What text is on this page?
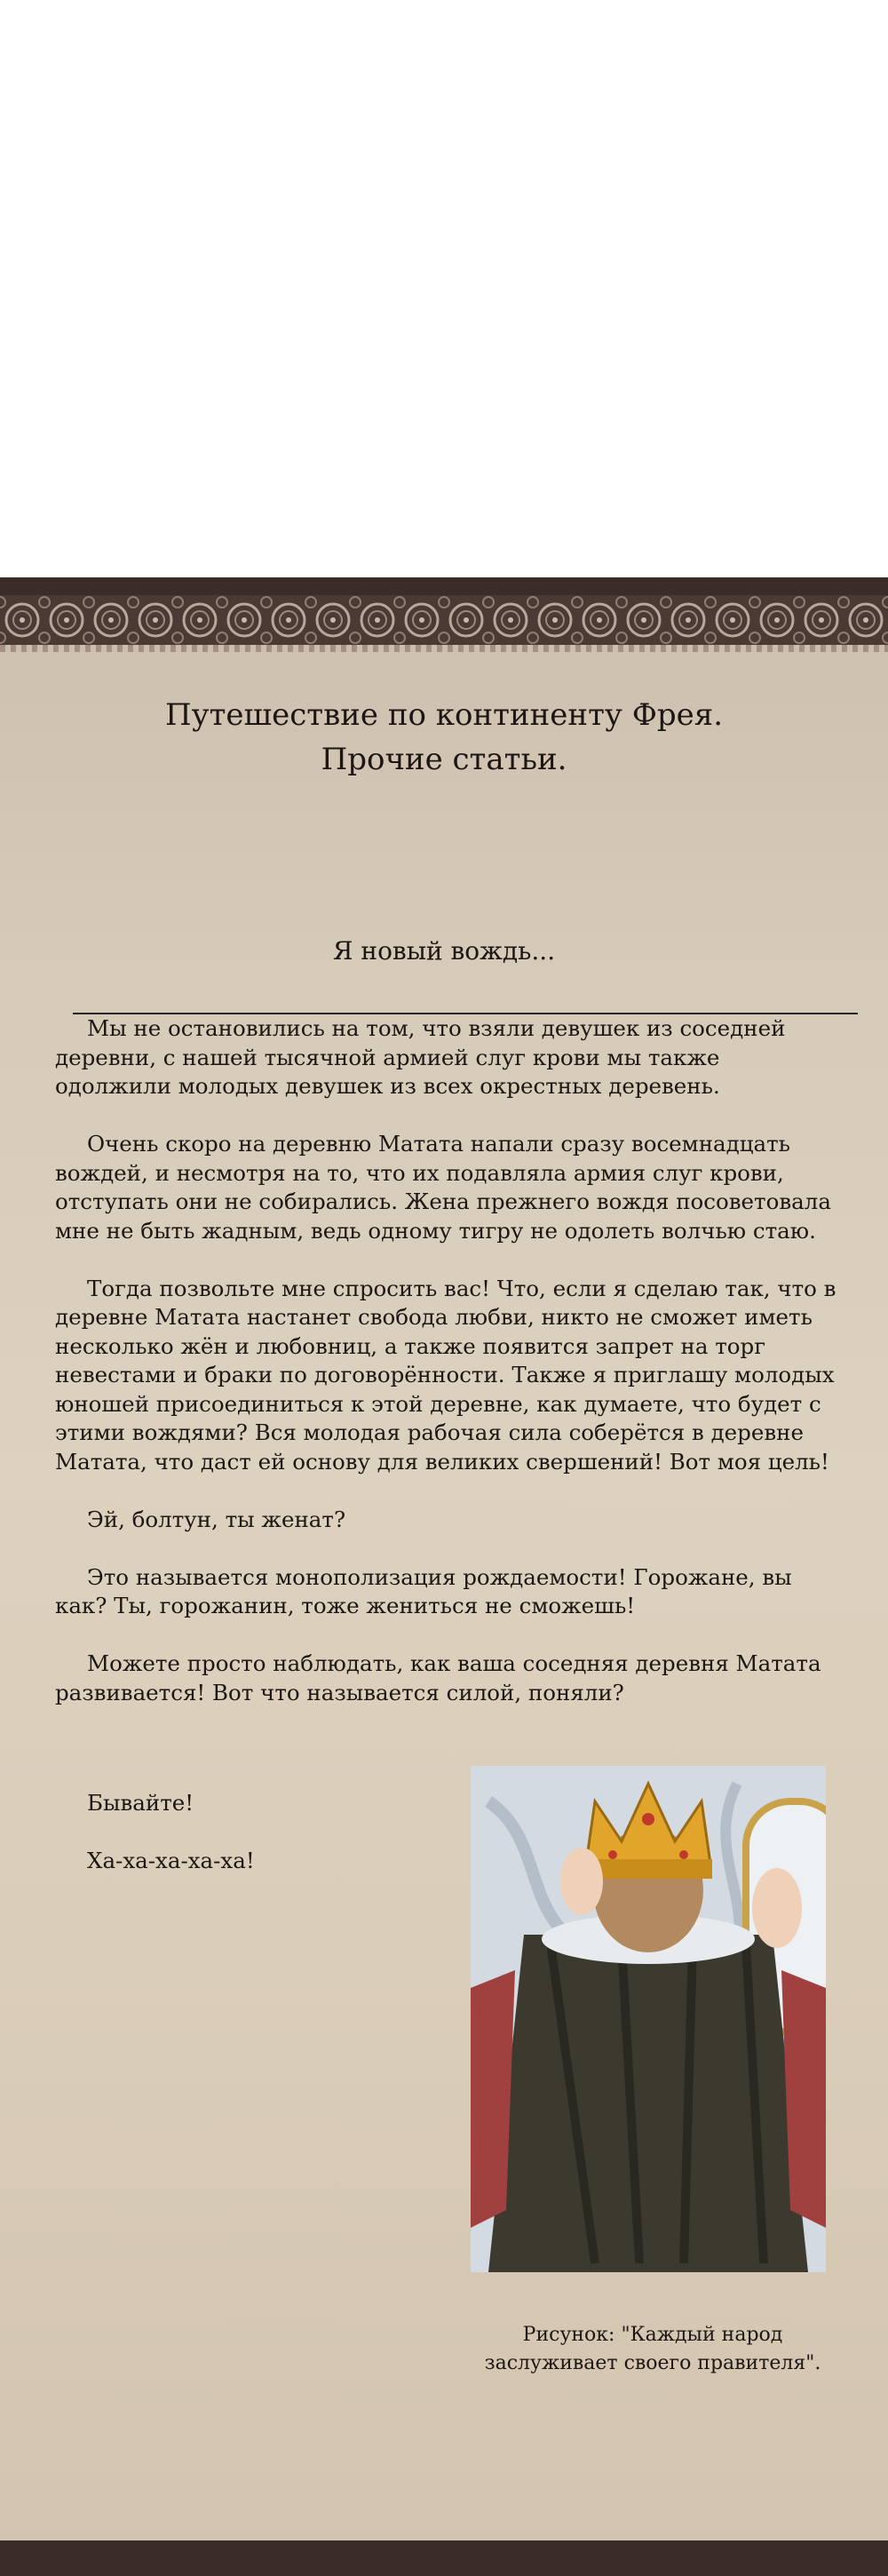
Путешествие по континенту Фрея.
Прочие статьи.
Я новый вождь...

Мы не остановились на том, что взяли девушек из соседней деревни, с нашей тысячной армией слуг крови мы также одолжили молодых девушек из всех окрестных деревень.

Очень скоро на деревню Матата напали сразу восемнадцать вождей, и несмотря на то, что их подавляла армия слуг крови, отступать они не собирались. Жена прежнего вождя посоветовала мне не быть жадным, ведь одному тигру не одолеть волчью стаю.

Тогда позвольте мне спросить вас! Что, если я сделаю так, что в деревне Матата настанет свобода любви, никто не сможет иметь несколько жён и любовниц, а также появится запрет на торг невестами и браки по договорённости. Также я приглашу молодых юношей присоединиться к этой деревне, как думаете, что будет с этими вождями? Вся молодая рабочая сила соберётся в деревне Матата, что даст ей основу для великих свершений! Вот моя цель!

Эй, болтун, ты женат?

Это называется монополизация рождаемости! Горожане, вы как? Ты, горожанин, тоже жениться не сможешь!

Можете просто наблюдать, как ваша соседняя деревня Матата развивается! Вот что называется силой, поняли?

Бывайте!
Ха-ха-ха-ха-ха!
Рисунок: "Каждый народ
заслуживает своего правителя".
